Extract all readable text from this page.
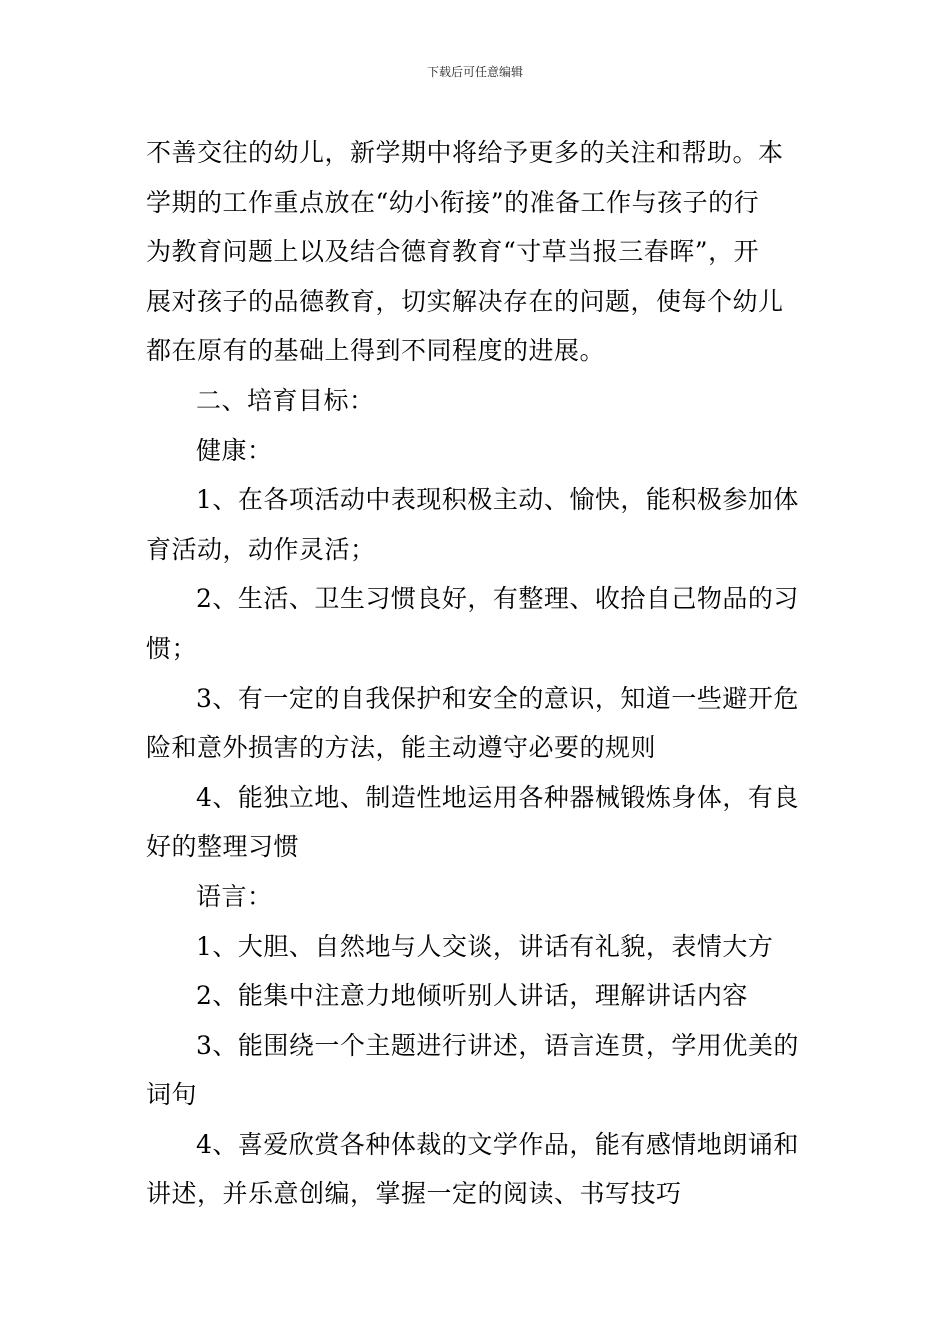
下载后可任意编辑
不善交往的幼儿，新学期中将给予更多的关注和帮助。本
学期的工作重点放在“幼小衔接”的准备工作与孩子的行
为教育问题上以及结合德育教育“寸草当报三春晖”，开
展对孩子的品德教育，切实解决存在的问题，使每个幼儿
都在原有的基础上得到不同程度的进展。
二、培育目标：
健康：
1、在各项活动中表现积极主动、愉快，能积极参加体
育活动，动作灵活；
2、生活、卫生习惯良好，有整理、收拾自己物品的习
惯；
3、有一定的自我保护和安全的意识，知道一些避开危
险和意外损害的方法，能主动遵守必要的规则
4、能独立地、制造性地运用各种器械锻炼身体，有良
好的整理习惯
语言：
1、大胆、自然地与人交谈，讲话有礼貌，表情大方
2、能集中注意力地倾听别人讲话，理解讲话内容
3、能围绕一个主题进行讲述，语言连贯，学用优美的
词句
4、喜爱欣赏各种体裁的文学作品，能有感情地朗诵和
讲述，并乐意创编，掌握一定的阅读、书写技巧
